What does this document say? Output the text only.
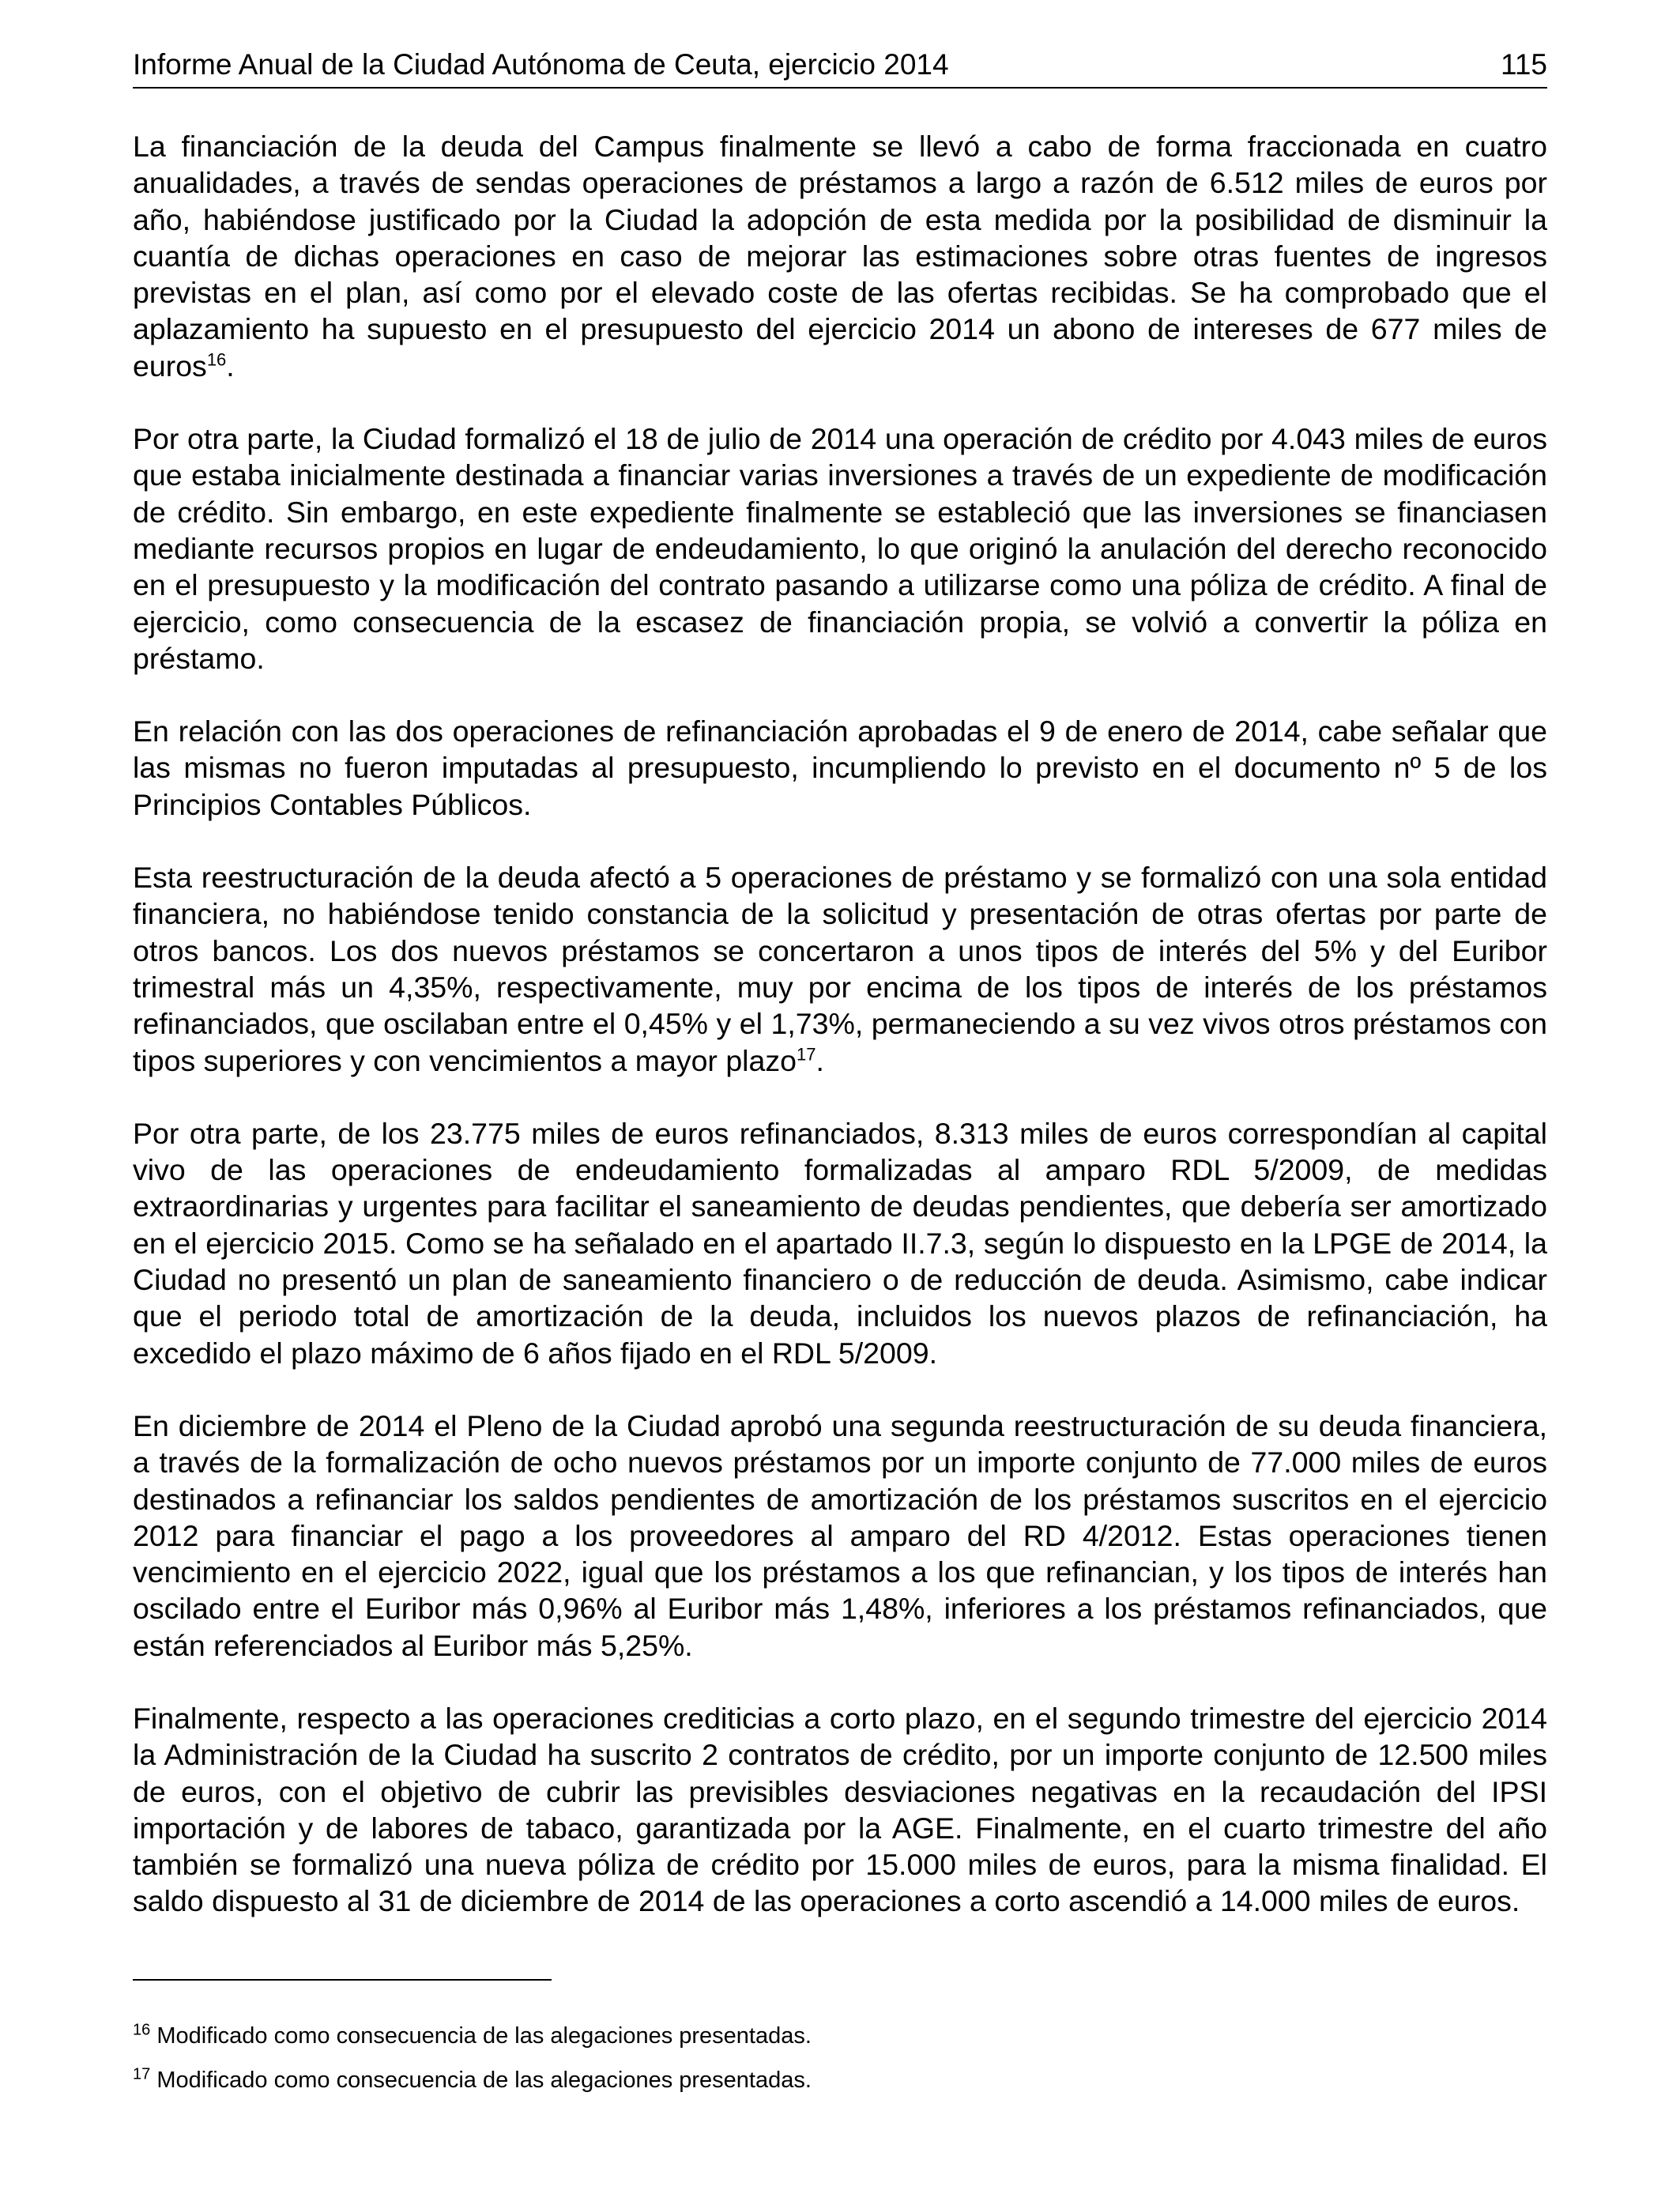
Informe Anual de la Ciudad Autónoma de Ceuta, ejercicio 2014	115

La financiación de la deuda del Campus finalmente se llevó a cabo de forma fraccionada en cuatro anualidades, a través de sendas operaciones de préstamos a largo a razón de 6.512 miles de euros por año, habiéndose justificado por la Ciudad la adopción de esta medida por la posibilidad de disminuir la cuantía de dichas operaciones en caso de mejorar las estimaciones sobre otras fuentes de ingresos previstas en el plan, así como por el elevado coste de las ofertas recibidas. Se ha comprobado que el aplazamiento ha supuesto en el presupuesto del ejercicio 2014 un abono de intereses de 677 miles de euros$^{16}$.

Por otra parte, la Ciudad formalizó el 18 de julio de 2014 una operación de crédito por 4.043 miles de euros que estaba inicialmente destinada a financiar varias inversiones a través de un expediente de modificación de crédito. Sin embargo, en este expediente finalmente se estableció que las inversiones se financiasen mediante recursos propios en lugar de endeudamiento, lo que originó la anulación del derecho reconocido en el presupuesto y la modificación del contrato pasando a utilizarse como una póliza de crédito. A final de ejercicio, como consecuencia de la escasez de financiación propia, se volvió a convertir la póliza en préstamo.

En relación con las dos operaciones de refinanciación aprobadas el 9 de enero de 2014, cabe señalar que las mismas no fueron imputadas al presupuesto, incumpliendo lo previsto en el documento nº 5 de los Principios Contables Públicos.

Esta reestructuración de la deuda afectó a 5 operaciones de préstamo y se formalizó con una sola entidad financiera, no habiéndose tenido constancia de la solicitud y presentación de otras ofertas por parte de otros bancos. Los dos nuevos préstamos se concertaron a unos tipos de interés del 5% y del Euribor trimestral más un 4,35%, respectivamente, muy por encima de los tipos de interés de los préstamos refinanciados, que oscilaban entre el 0,45% y el 1,73%, permaneciendo a su vez vivos otros préstamos con tipos superiores y con vencimientos a mayor plazo$^{17}$.

Por otra parte, de los 23.775 miles de euros refinanciados, 8.313 miles de euros correspondían al capital vivo de las operaciones de endeudamiento formalizadas al amparo RDL 5/2009, de medidas extraordinarias y urgentes para facilitar el saneamiento de deudas pendientes, que debería ser amortizado en el ejercicio 2015. Como se ha señalado en el apartado II.7.3, según lo dispuesto en la LPGE de 2014, la Ciudad no presentó un plan de saneamiento financiero o de reducción de deuda. Asimismo, cabe indicar que el periodo total de amortización de la deuda, incluidos los nuevos plazos de refinanciación, ha excedido el plazo máximo de 6 años fijado en el RDL 5/2009.

En diciembre de 2014 el Pleno de la Ciudad aprobó una segunda reestructuración de su deuda financiera, a través de la formalización de ocho nuevos préstamos por un importe conjunto de 77.000 miles de euros destinados a refinanciar los saldos pendientes de amortización de los préstamos suscritos en el ejercicio 2012 para financiar el pago a los proveedores al amparo del RD 4/2012. Estas operaciones tienen vencimiento en el ejercicio 2022, igual que los préstamos a los que refinancian, y los tipos de interés han oscilado entre el Euribor más 0,96% al Euribor más 1,48%, inferiores a los préstamos refinanciados, que están referenciados al Euribor más 5,25%.

Finalmente, respecto a las operaciones crediticias a corto plazo, en el segundo trimestre del ejercicio 2014 la Administración de la Ciudad ha suscrito 2 contratos de crédito, por un importe conjunto de 12.500 miles de euros, con el objetivo de cubrir las previsibles desviaciones negativas en la recaudación del IPSI importación y de labores de tabaco, garantizada por la AGE. Finalmente, en el cuarto trimestre del año también se formalizó una nueva póliza de crédito por 15.000 miles de euros, para la misma finalidad. El saldo dispuesto al 31 de diciembre de 2014 de las operaciones a corto ascendió a 14.000 miles de euros.

$^{16}$ Modificado como consecuencia de las alegaciones presentadas.

$^{17}$ Modificado como consecuencia de las alegaciones presentadas.
